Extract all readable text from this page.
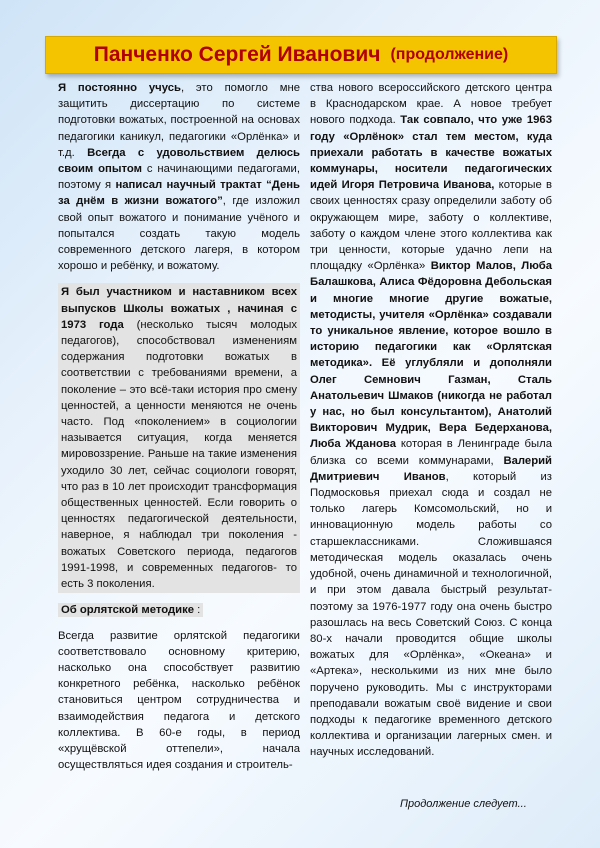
Панченко Сергей Иванович (продолжение)

Я постоянно учусь, это помогло мне защитить диссертацию по системе подготовки вожатых, построенной на основах педагогики каникул, педагогики «Орлёнка» и т.д. Всегда с удовольствием делюсь своим опытом с начинающими педагогами, поэтому я написал научный трактат “День за днём в жизни вожатого”, где изложил свой опыт вожатого и понимание учёного и попытался создать такую модель современного детского лагеря, в котором хорошо и ребёнку, и вожатому.

Я был участником и наставником всех выпусков Школы вожатых , начиная с 1973 года (несколько тысяч молодых педагогов), способствовал изменениям содержания подготовки вожатых в соответствии с требованиями времени, а поколение – это всё-таки история про смену ценностей, а ценности меняются не очень часто. Под «поколением» в социологии называется ситуация, когда меняется мировоззрение. Раньше на такие изменения уходило 30 лет, сейчас социологи говорят, что раз в 10 лет происходит трансформация общественных ценностей. Если говорить о ценностях педагогической деятельности, наверное, я наблюдал три поколения - вожатых Советского периода, педагогов 1991-1998, и современных педагогов- то есть 3 поколения.

Об орлятской методике :

Всегда развитие орлятской педагогики соответствовало основному критерию, насколько она способствует развитию конкретного ребёнка, насколько ребёнок становиться центром сотрудничества и взаимодействия педагога и детского коллектива. В 60-е годы, в период «хрущёвской оттепели», начала осуществляться идея создания и строитель-

ства нового всероссийского детского центра в Краснодарском крае. А новое требует нового подхода. Так совпало, что уже 1963 году «Орлёнок» стал тем местом, куда приехали работать в качестве вожатых коммунары, носители педагогических идей Игоря Петровича Иванова, которые в своих ценностях сразу определили заботу об окружающем мире, заботу о коллективе, заботу о каждом члене этого коллектива как три ценности, которые удачно лепи на площадку «Орлёнка» Виктор Малов, Люба Балашкова, Алиса Фёдоровна Дебольская и многие многие другие вожатые, методисты, учителя «Орлёнка» создавали то уникальное явление, которое вошло в историю педагогики как «Орлятская методика». Её углубляли и дополняли Олег Семнович Газман, Сталь Анатольевич Шмаков (никогда не работал у нас, но был консультантом), Анатолий Викторович Мудрик, Вера Бедерханова, Люба Жданова которая в Ленинграде была близка со всеми коммунарами, Валерий Дмитриевич Иванов, который из Подмосковья приехал сюда и создал не только лагерь Комсомольский, но и инновационную модель работы со старшеклассниками. Сложившаяся методическая модель оказалась очень удобной, очень динамичной и технологичной, и при этом давала быстрый результат- поэтому за 1976-1977 году она очень быстро разошлась на весь Советский Союз. С конца 80-х начали проводится общие школы вожатых для «Орлёнка», «Океана» и «Артека», несколькими из них мне было поручено руководить. Мы с инструкторами преподавали вожатым своё видение и свои подходы к педагогике временного детского коллектива и организации лагерных смен. и научных исследований.

Продолжение следует...
